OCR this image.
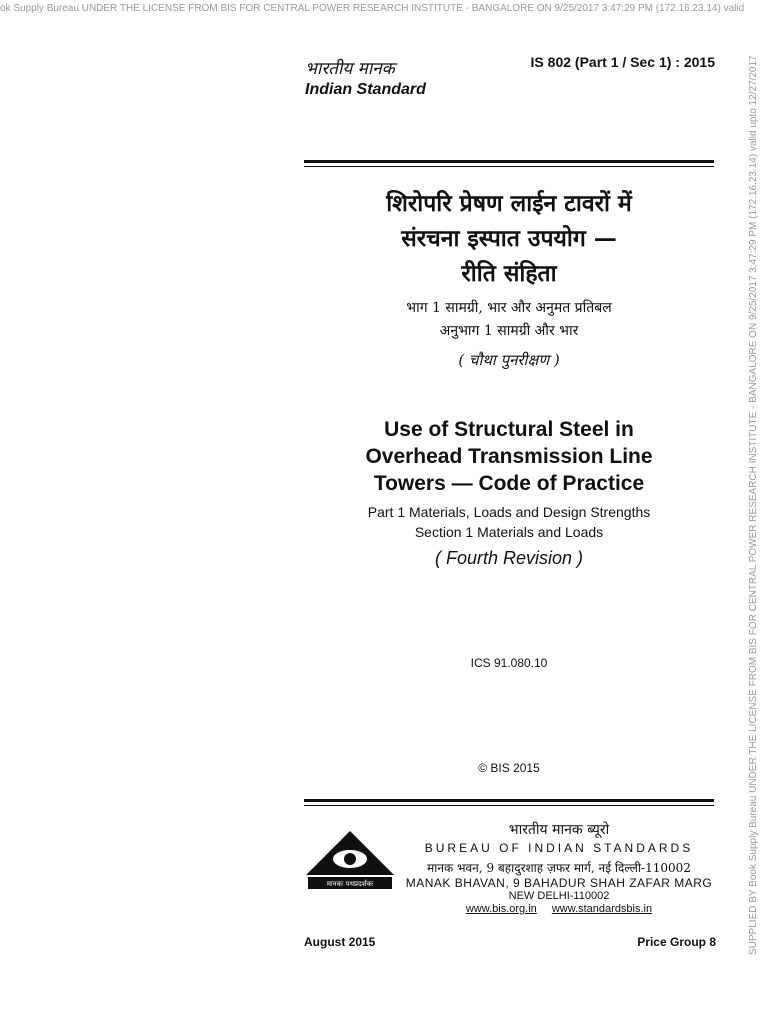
ok Supply Bureau UNDER THE LICENSE FROM BIS FOR CENTRAL POWER RESEARCH INSTITUTE - BANGALORE ON 9/25/2017 3:47:29 PM (172.16.23.14) valid
SUPPLIED BY Book Supply Bureau UNDER THE LICENSE FROM BIS FOR CENTRAL POWER RESEARCH INSTITUTE - BANGALORE ON 9/25/2017 3:47:29 PM (172.16.23.14) valid upto 12/27/2017
भारतीय मानक
Indian Standard
IS 802 (Part 1 / Sec 1) : 2015
शिरोपरि प्रेषण लाईन टावरों में
संरचना इस्पात उपयोग —
रीति संहिता
भाग 1 सामग्री, भार और अनुमत प्रतिबल
अनुभाग 1 सामग्री और भार
( चौथा पुनरीक्षण )
Use of Structural Steel in
Overhead Transmission Line
Towers — Code of Practice
Part 1 Materials, Loads and Design Strengths
Section 1 Materials and Loads
( Fourth Revision )
ICS 91.080.10
© BIS 2015
मानकः पथप्रदर्शकः
भारतीय मानक ब्यूरो
BUREAU OF INDIAN STANDARDS
मानक भवन, 9 बहादुरशाह ज़फर मार्ग, नई दिल्ली-110002
MANAK BHAVAN, 9 BAHADUR SHAH ZAFAR MARG
NEW DELHI-110002
www.bis.org.in www.standardsbis.in
August 2015	Price Group 8
